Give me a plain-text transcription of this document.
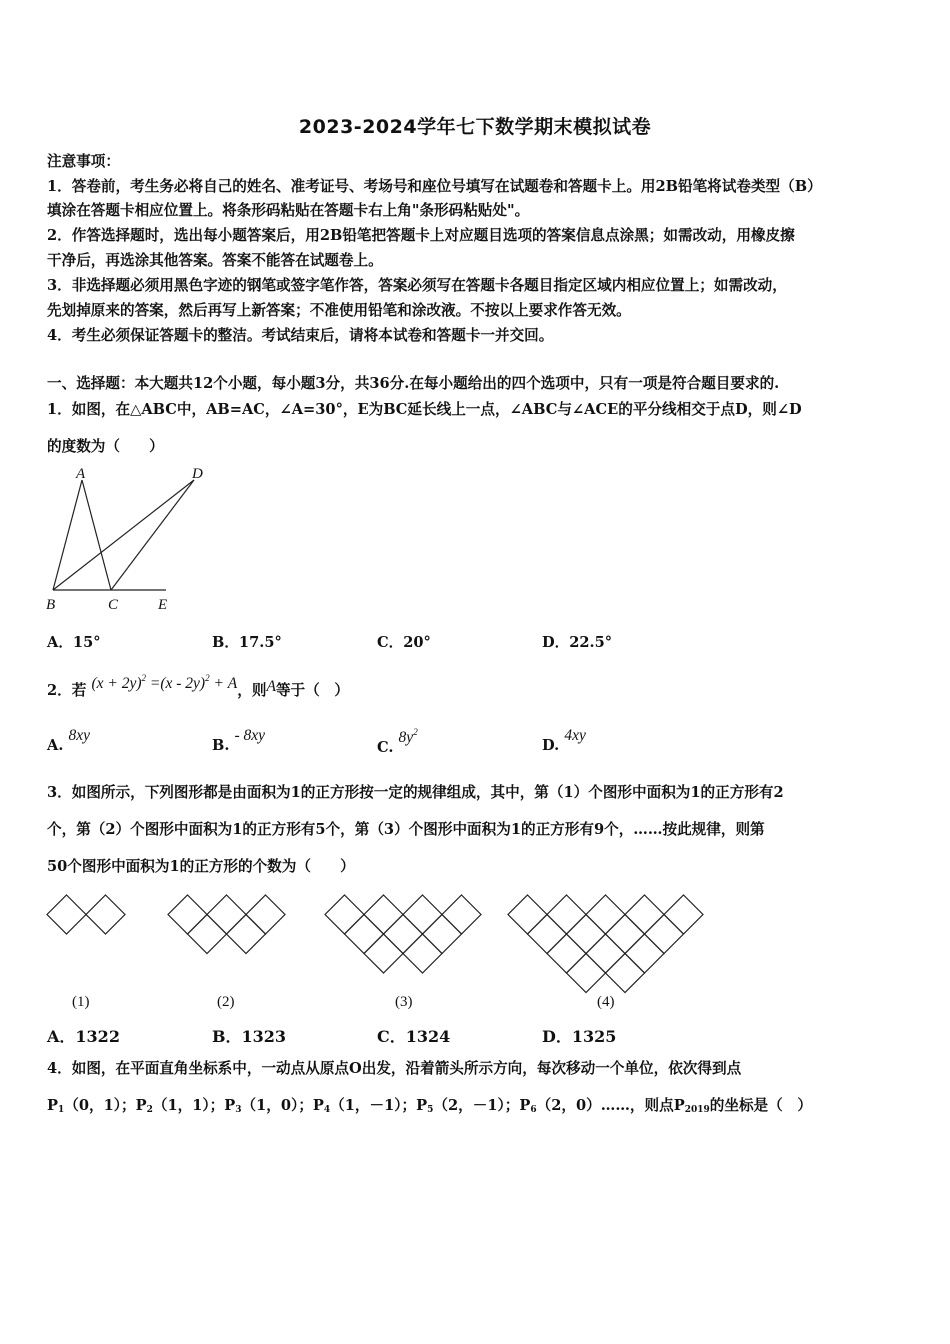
2023-2024学年七下数学期末模拟试卷
注意事项：
1．答卷前，考生务必将自己的姓名、准考证号、考场号和座位号填写在试题卷和答题卡上。用2B铅笔将试卷类型（B）
填涂在答题卡相应位置上。将条形码粘贴在答题卡右上角"条形码粘贴处"。
2．作答选择题时，选出每小题答案后，用2B铅笔把答题卡上对应题目选项的答案信息点涂黑；如需改动，用橡皮擦
干净后，再选涂其他答案。答案不能答在试题卷上。
3．非选择题必须用黑色字迹的钢笔或签字笔作答，答案必须写在答题卡各题目指定区域内相应位置上；如需改动，
先划掉原来的答案，然后再写上新答案；不准使用铅笔和涂改液。不按以上要求作答无效。
4．考生必须保证答题卡的整洁。考试结束后，请将本试卷和答题卡一并交回。
一、选择题：本大题共12个小题，每小题3分，共36分.在每小题给出的四个选项中，只有一项是符合题目要求的.
1．如图，在△ABC中，AB=AC，∠A=30°，E为BC延长线上一点，∠ABC与∠ACE的平分线相交于点D，则∠D
的度数为（　　）
A	D
B	C	E
A．15°	B．17.5°	C．20°	D．22.5°
2．若 $(x + 2y)^2 =(x - 2y)^2 + A$，则A等于（　）
A. 8xy
B. - 8xy
C. $8y^2$
D. 4xy
3．如图所示，下列图形都是由面积为1的正方形按一定的规律组成，其中，第（1）个图形中面积为1的正方形有2
个，第（2）个图形中面积为1的正方形有5个，第（3）个图形中面积为1的正方形有9个，……按此规律，则第
50个图形中面积为1的正方形的个数为（　　）
(1)	(2)	(3)	(4)
A．1322	B．1323	C．1324	D．1325
4．如图，在平面直角坐标系中，一动点从原点O出发，沿着箭头所示方向，每次移动一个单位，依次得到点
$P_1(0$，1）；$P_2(1$，1）；$P_3(1$，0）；$P_4(1$，－1）；$P_5(2$，－1）；$P_6(2$，0）……，则点$P_{2019}$的坐标是（　）
